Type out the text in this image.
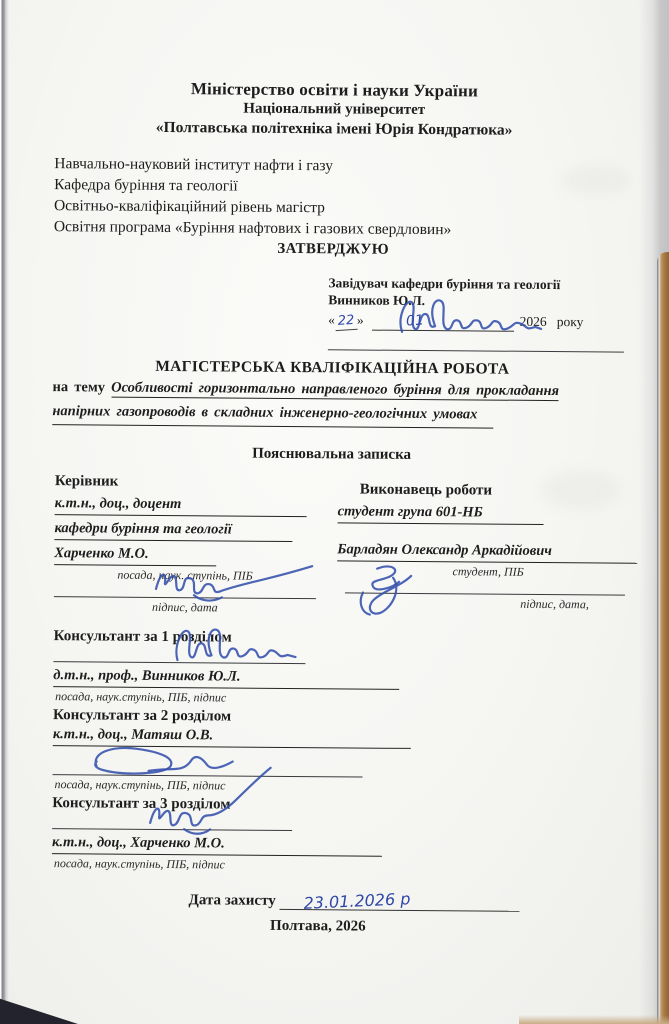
Міністерство освіти і науки України
Національний університет
«Полтавська політехніка імені Юрія Кондратюка»
Навчально-науковий інститут нафти і газу
Кафедра буріння та геології
Освітньо-кваліфікаційний рівень магістр
Освітня програма «Буріння нафтових і газових свердловин»
ЗАТВЕРДЖУЮ
Завідувач кафедри буріння та геології
Винников Ю.Л.
« 22 »	01	2026 року
МАГІСТЕРСЬКА КВАЛІФІКАЦІЙНА РОБОТА
на тему Особливості горизонтально направленого буріння для прокладання
напірних газопроводів в складних інженерно-геологічних умовах
Пояснювальна записка
Керівник
к.т.н., доц., доцент
кафедри буріння та геології
Харченко М.О.
посада, наук. ступінь, ПІБ
підпис, дата
Виконавець роботи
студент група 601-НБ
Барладян Олександр Аркадійович
студент, ПІБ
підпис, дата,
Консультант за 1 розділом
д.т.н., проф., Винников Ю.Л.
посада, наук.ступінь, ПІБ, підпис
Консультант за 2 розділом
к.т.н., доц., Матяш О.В.
посада, наук.ступінь, ПІБ, підпис
Консультант за 3 розділом
к.т.н., доц., Харченко М.О.
посада, наук.ступінь, ПІБ, підпис
Дата захисту 23.01.2026 р
Полтава, 2026
